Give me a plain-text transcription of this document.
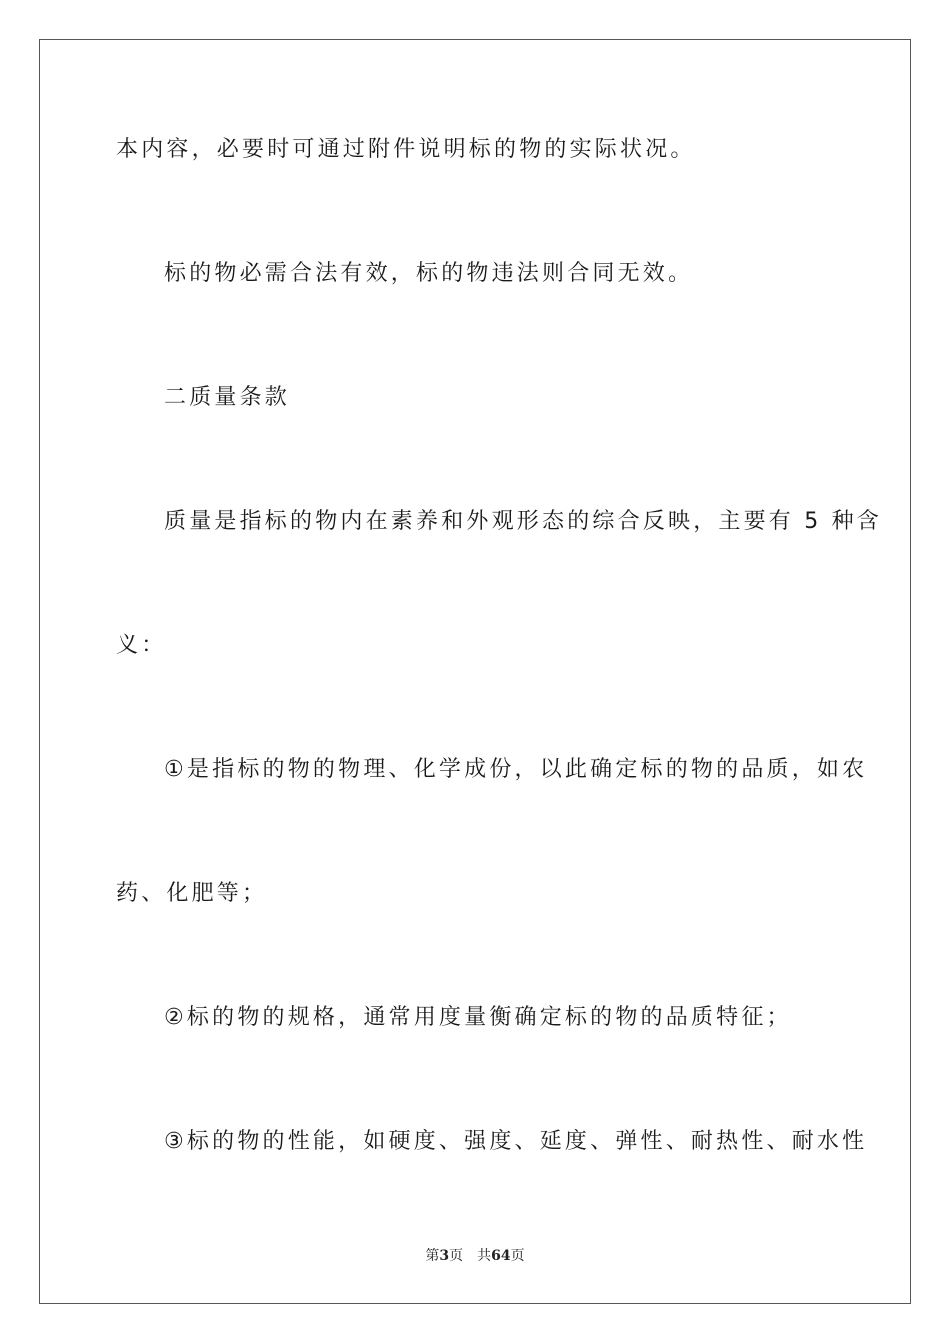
本内容，必要时可通过附件说明标的物的实际状况。
标的物必需合法有效，标的物违法则合同无效。
二质量条款
质量是指标的物内在素养和外观形态的综合反映，主要有 5 种含
义：
①是指标的物的物理、化学成份，以此确定标的物的品质，如农
药、化肥等；
②标的物的规格，通常用度量衡确定标的物的品质特征；
③标的物的性能，如硬度、强度、延度、弹性、耐热性、耐水性
第3页 共64页
